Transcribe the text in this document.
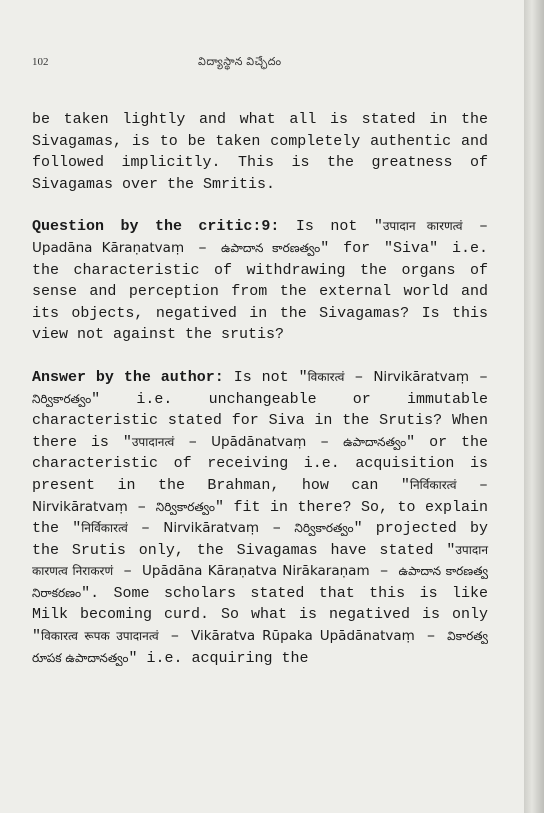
102	విద్యాస్థాన విచ్ఛేదం

be taken lightly and what all is stated in the Sivagamas, is to be taken completely authentic and followed implicitly. This is the greatness of Sivagamas over the Smritis.

Question by the critic:9: Is not "उपादान कारणत्वं – Upadāna Kāraṇatvaṃ – ఉపాదాన కారణత్వం" for "Siva" i.e. the characteristic of withdrawing the organs of sense and perception from the external world and its objects, negatived in the Sivagamas? Is this view not against the srutis?

Answer by the author: Is not "विकारत्वं – Nirvikāratvaṃ – నిర్వికారత్వం" i.e. unchangeable or immutable characteristic stated for Siva in the Srutis? When there is "उपादानत्वं – Upādānatvaṃ – ఉపాదానత్వం" or the characteristic of receiving i.e. acquisition is present in the Brahman, how can "निर्विकारत्वं – Nirvikāratvaṃ – నిర్వికారత్వం" fit in there? So, to explain the "निर्विकारत्वं – Nirvikāratvaṃ – నిర్వికారత్వం" projected by the Srutis only, the Sivagamas have stated "उपादान कारणत्व निराकरणं – Upādāna Kāraṇatva Nirākaraṇam – ఉపాదాన కారణత్వ నిరాకరణం". Some scholars stated that this is like Milk becoming curd. So what is negatived is only "विकारत्व रूपक उपादानत्वं – Vikāratva Rūpaka Upādānatvaṃ – వికారత్వ రూపక ఉపాదానత్వం" i.e. acquiring the
